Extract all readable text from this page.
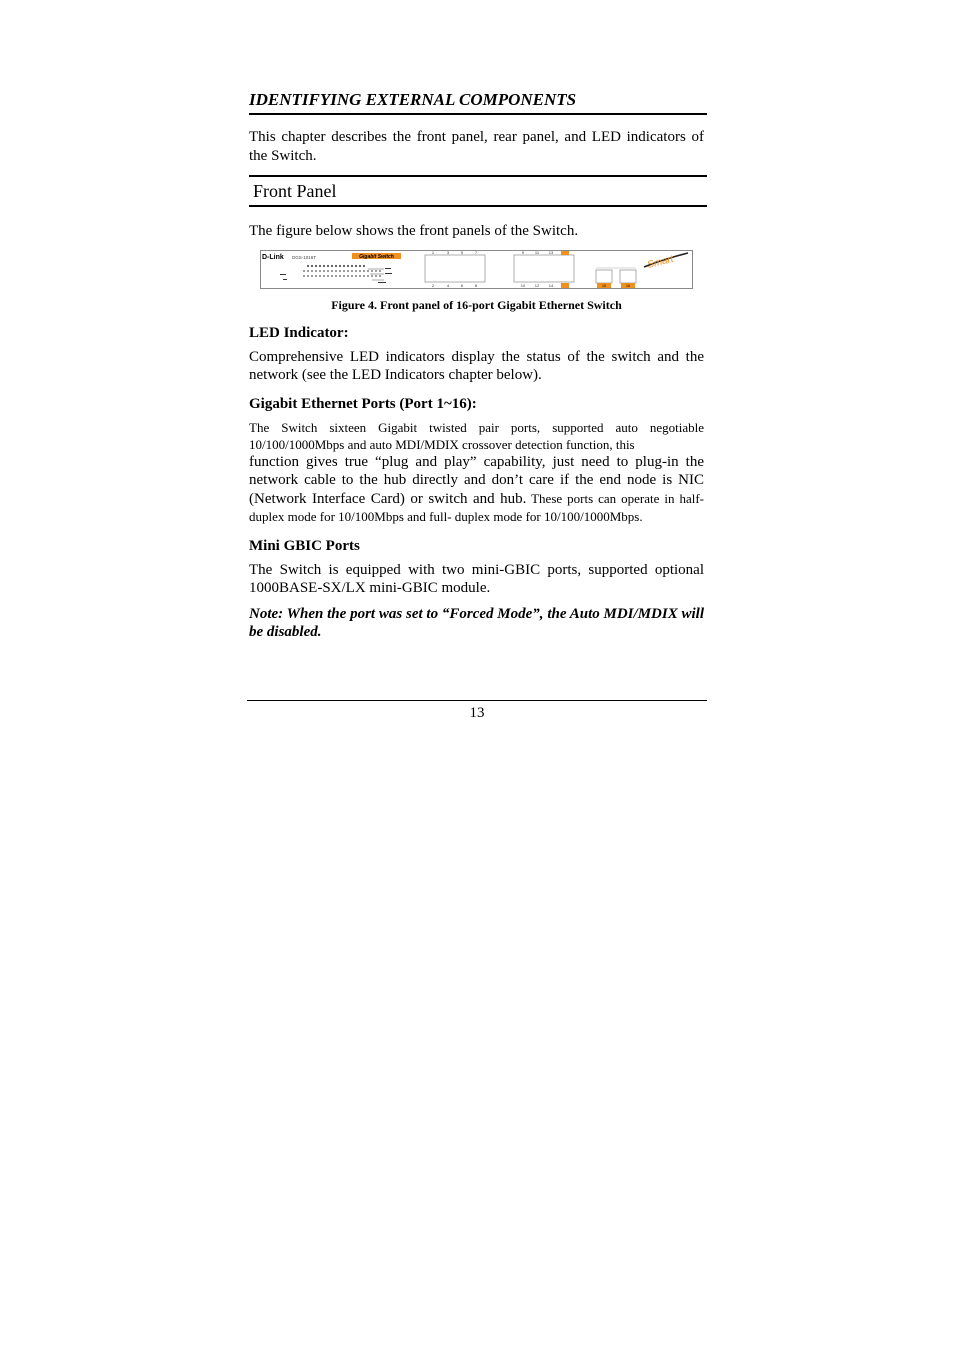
IDENTIFYING EXTERNAL COMPONENTS

This chapter describes the front panel, rear panel, and LED indicators of the Switch.

Front Panel

The figure below shows the front panels of the Switch.

D-Link DGS-1016T	Gigabit Switch
1	3	5	7	9	11 13
2	4	6	8	10 12 14	15	16
Smart

Figure 4. Front panel of 16-port Gigabit Ethernet Switch

LED Indicator:

Comprehensive LED indicators display the status of the switch and the network (see the LED Indicators chapter below).

Gigabit Ethernet Ports (Port 1~16):

The Switch sixteen Gigabit twisted pair ports, supported auto negotiable 10/100/1000Mbps and auto MDI/MDIX crossover detection function, this

function gives true “plug and play” capability, just need to plug-in the network cable to the hub directly and don’t care if the end node is NIC (Network Interface Card) or switch and hub. These ports can operate in half-duplex mode for 10/100Mbps and full- duplex mode for 10/100/1000Mbps.

Mini GBIC Ports

The Switch is equipped with two mini-GBIC ports, supported optional 1000BASE-SX/LX mini-GBIC module.

Note: When the port was set to “Forced Mode”, the Auto MDI/MDIX will be disabled.

13
